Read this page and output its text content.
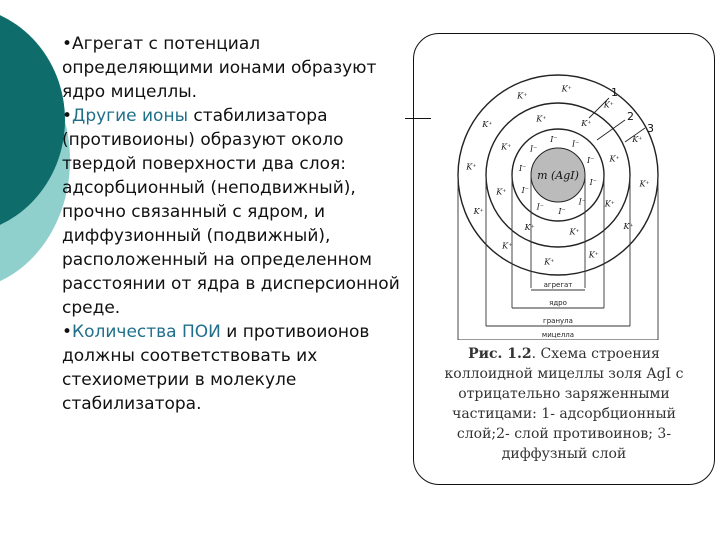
•Агрегат с потенциал определяющими ионами образуют ядро мицеллы.

•Другие ионы стабилизатора (противоионы) образуют около твердой поверхности два слоя: адсорбционный (неподвижный), прочно связанный с ядром, и диффузионный (подвижный), расположенный на определенном расстоянии от ядра в дисперсионной среде.

•Количества ПОИ и противоионов должны соответствовать их стехиометрии в молекуле стабилизатора.

m (AgI)
агрегат
ядро
гранула
мицелла
1
2
3
I⁻
I⁻
I⁻
I⁻
I⁻
I⁻
I⁻
I⁻ I⁻
I⁻
K⁺
K⁺
K⁺
K⁺
K⁺
K⁺
K⁺
K⁺
K⁺
K⁺
K⁺
K⁺
K⁺
K⁺
K⁺
K⁺
K⁺
K⁺
K⁺
K⁺

Рис. 1.2. Схема строения коллоидной мицеллы золя AgI с

отрицательно заряженными

частицами: 1- адсорбционный

слой;2- слой противоинов; 3-

диффузный слой
